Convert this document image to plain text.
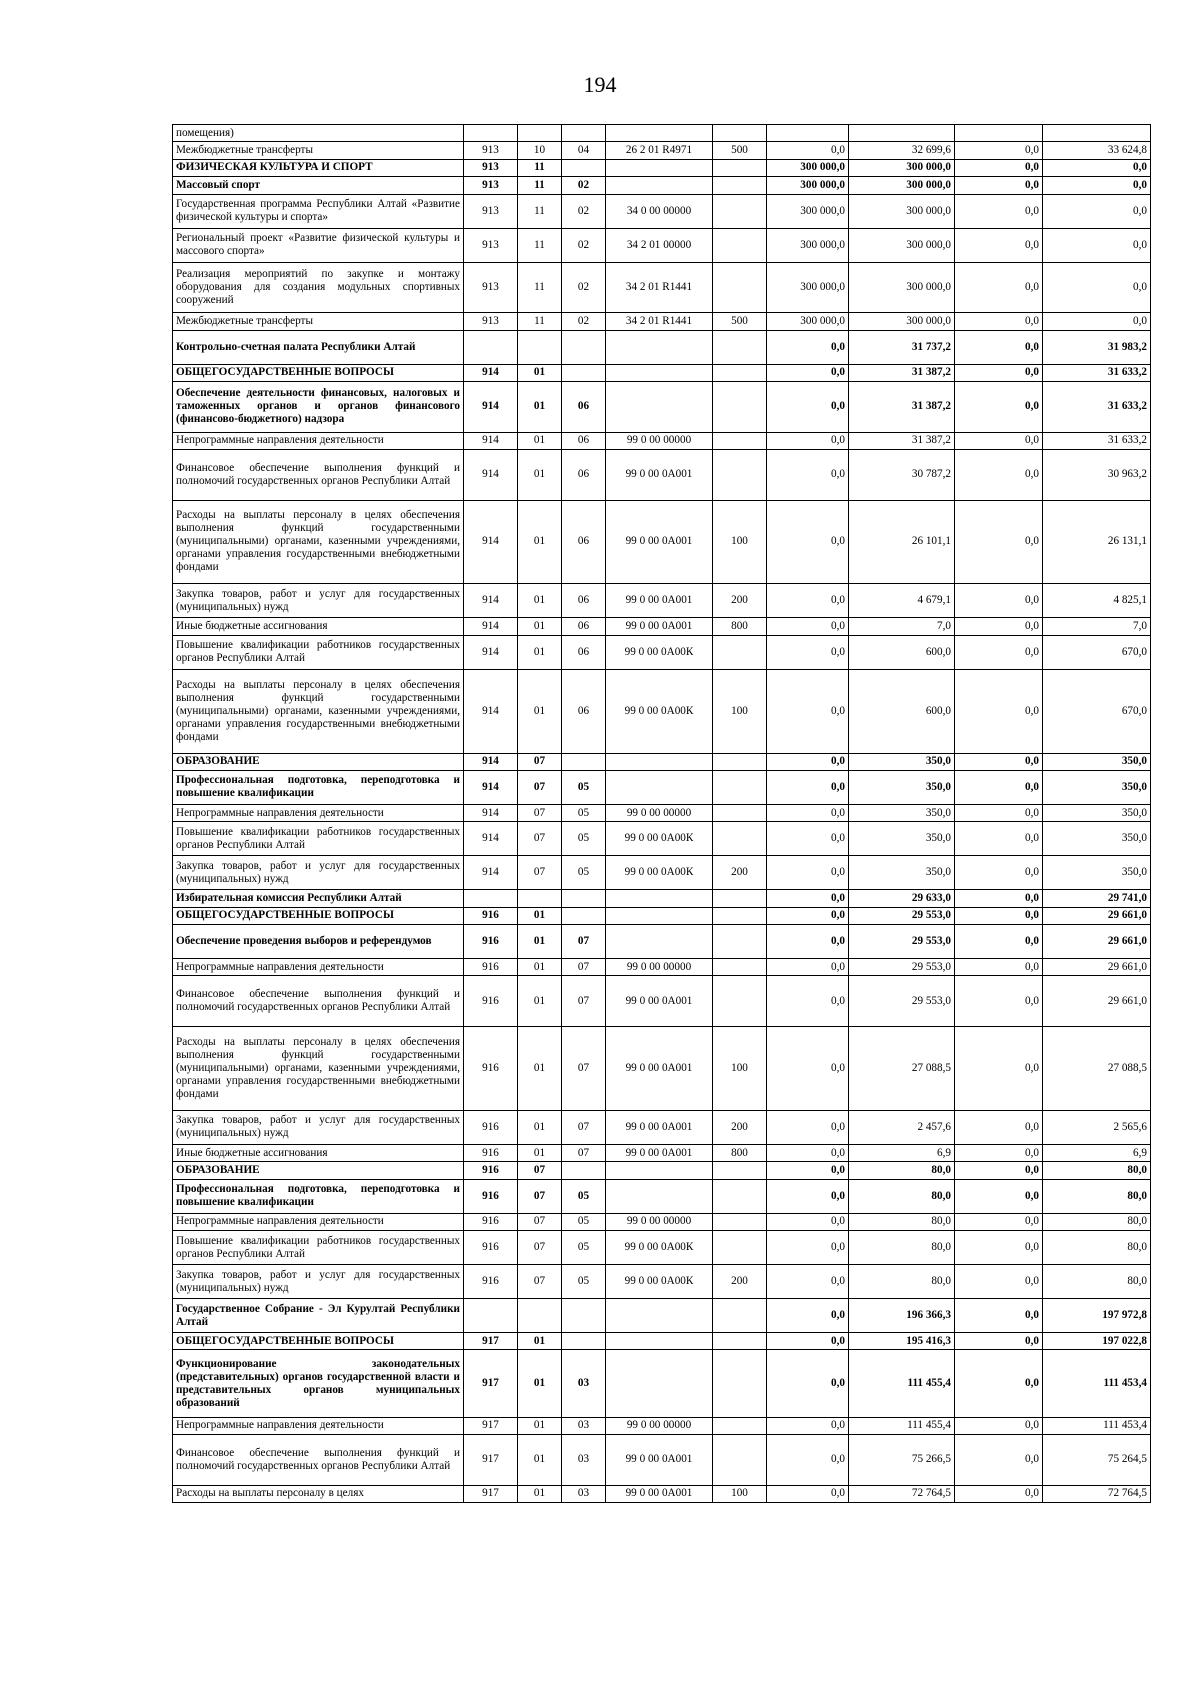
194
помещения)									
Межбюджетные трансферты	913	10	04	26 2 01 R4971	500	0,0	32 699,6	0,0	33 624,8
ФИЗИЧЕСКАЯ КУЛЬТУРА И СПОРТ	913	11				300 000,0	300 000,0	0,0	0,0
Массовый спорт	913	11	02			300 000,0	300 000,0	0,0	0,0
Государственная программа Республики Алтай «Развитие физической культуры и спорта»	913	11	02	34 0 00 00000		300 000,0	300 000,0	0,0	0,0
Региональный проект «Развитие физической культуры и массового спорта»	913	11	02	34 2 01 00000		300 000,0	300 000,0	0,0	0,0
Реализация мероприятий по закупке и монтажу оборудования для создания модульных спортивных сооружений	913	11	02	34 2 01 R1441		300 000,0	300 000,0	0,0	0,0
Межбюджетные трансферты	913	11	02	34 2 01 R1441	500	300 000,0	300 000,0	0,0	0,0
Контрольно-счетная палата Республики Алтай						0,0	31 737,2	0,0	31 983,2
ОБЩЕГОСУДАРСТВЕННЫЕ ВОПРОСЫ	914	01				0,0	31 387,2	0,0	31 633,2
Обеспечение деятельности финансовых, налоговых и таможенных органов и органов финансового (финансово-бюджетного) надзора	914	01	06			0,0	31 387,2	0,0	31 633,2
Непрограммные направления деятельности	914	01	06	99 0 00 00000		0,0	31 387,2	0,0	31 633,2
Финансовое обеспечение выполнения функций и полномочий государственных органов Республики Алтай	914	01	06	99 0 00 0А001		0,0	30 787,2	0,0	30 963,2
Расходы на выплаты персоналу в целях обеспечения выполнения функций государственными (муниципальными) органами, казенными учреждениями, органами управления государственными внебюджетными фондами	914	01	06	99 0 00 0А001	100	0,0	26 101,1	0,0	26 131,1
Закупка товаров, работ и услуг для государственных (муниципальных) нужд	914	01	06	99 0 00 0А001	200	0,0	4 679,1	0,0	4 825,1
Иные бюджетные ассигнования	914	01	06	99 0 00 0А001	800	0,0	7,0	0,0	7,0
Повышение квалификации работников государственных органов Республики Алтай	914	01	06	99 0 00 0А00К		0,0	600,0	0,0	670,0
Расходы на выплаты персоналу в целях обеспечения выполнения функций государственными (муниципальными) органами, казенными учреждениями, органами управления государственными внебюджетными фондами	914	01	06	99 0 00 0А00К	100	0,0	600,0	0,0	670,0
ОБРАЗОВАНИЕ	914	07				0,0	350,0	0,0	350,0
Профессиональная подготовка, переподготовка и повышение квалификации	914	07	05			0,0	350,0	0,0	350,0
Непрограммные направления деятельности	914	07	05	99 0 00 00000		0,0	350,0	0,0	350,0
Повышение квалификации работников государственных органов Республики Алтай	914	07	05	99 0 00 0А00К		0,0	350,0	0,0	350,0
Закупка товаров, работ и услуг для государственных (муниципальных) нужд	914	07	05	99 0 00 0А00К	200	0,0	350,0	0,0	350,0
Избирательная комиссия Республики Алтай						0,0	29 633,0	0,0	29 741,0
ОБЩЕГОСУДАРСТВЕННЫЕ ВОПРОСЫ	916	01				0,0	29 553,0	0,0	29 661,0
Обеспечение проведения выборов и референдумов	916	01	07			0,0	29 553,0	0,0	29 661,0
Непрограммные направления деятельности	916	01	07	99 0 00 00000		0,0	29 553,0	0,0	29 661,0
Финансовое обеспечение выполнения функций и полномочий государственных органов Республики Алтай	916	01	07	99 0 00 0А001		0,0	29 553,0	0,0	29 661,0
Расходы на выплаты персоналу в целях обеспечения выполнения функций государственными (муниципальными) органами, казенными учреждениями, органами управления государственными внебюджетными фондами	916	01	07	99 0 00 0А001	100	0,0	27 088,5	0,0	27 088,5
Закупка товаров, работ и услуг для государственных (муниципальных) нужд	916	01	07	99 0 00 0А001	200	0,0	2 457,6	0,0	2 565,6
Иные бюджетные ассигнования	916	01	07	99 0 00 0А001	800	0,0	6,9	0,0	6,9
ОБРАЗОВАНИЕ	916	07				0,0	80,0	0,0	80,0
Профессиональная подготовка, переподготовка и повышение квалификации	916	07	05			0,0	80,0	0,0	80,0
Непрограммные направления деятельности	916	07	05	99 0 00 00000		0,0	80,0	0,0	80,0
Повышение квалификации работников государственных органов Республики Алтай	916	07	05	99 0 00 0А00К		0,0	80,0	0,0	80,0
Закупка товаров, работ и услуг для государственных (муниципальных) нужд	916	07	05	99 0 00 0А00К	200	0,0	80,0	0,0	80,0
Государственное Собрание - Эл Курултай Республики Алтай						0,0	196 366,3	0,0	197 972,8
ОБЩЕГОСУДАРСТВЕННЫЕ ВОПРОСЫ	917	01				0,0	195 416,3	0,0	197 022,8
Функционирование законодательных (представительных) органов государственной власти и представительных органов муниципальных образований	917	01	03			0,0	111 455,4	0,0	111 453,4
Непрограммные направления деятельности	917	01	03	99 0 00 00000		0,0	111 455,4	0,0	111 453,4
Финансовое обеспечение выполнения функций и полномочий государственных органов Республики Алтай	917	01	03	99 0 00 0А001		0,0	75 266,5	0,0	75 264,5
Расходы на выплаты персоналу в целях	917	01	03	99 0 00 0А001	100	0,0	72 764,5	0,0	72 764,5
